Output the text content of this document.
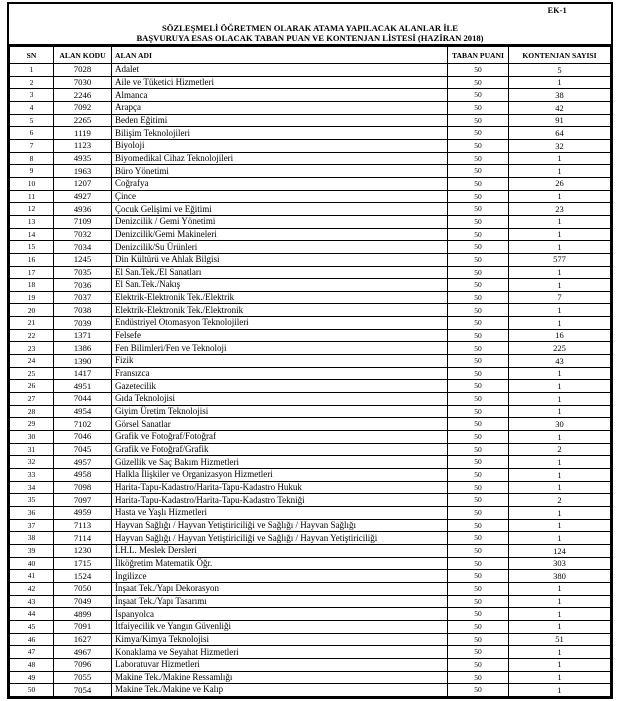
EK-1
SÖZLEŞMELİ ÖĞRETMEN OLARAK ATAMA YAPILACAK ALANLAR İLE
BAŞVURUYA ESAS OLACAK TABAN PUAN VE KONTENJAN LİSTESİ (HAZİRAN 2018)
SN	ALAN KODU	ALAN ADI	TABAN PUANI	KONTENJAN SAYISI
1	7028	Adalet	50	5
2	7030	Aile ve Tüketici Hizmetleri	50	1
3	2246	Almanca	50	38
4	7092	Arapça	50	42
5	2265	Beden Eğitimi	50	91
6	1119	Bilişim Teknolojileri	50	64
7	1123	Biyoloji	50	32
8	4935	Biyomedikal Cihaz Teknolojileri	50	1
9	1963	Büro Yönetimi	50	1
10	1207	Coğrafya	50	26
11	4927	Çince	50	1
12	4936	Çocuk Gelişimi ve Eğitimi	50	23
13	7109	Denizcilik / Gemi Yönetimi	50	1
14	7032	Denizcilik/Gemi Makineleri	50	1
15	7034	Denizcilik/Su Ürünleri	50	1
16	1245	Din Kültürü ve Ahlak Bilgisi	50	577
17	7035	El San.Tek./El Sanatları	50	1
18	7036	El San.Tek./Nakış	50	1
19	7037	Elektrik-Elektronik Tek./Elektrik	50	7
20	7038	Elektrik-Elektronik Tek./Elektronik	50	1
21	7039	Endüstriyel Otomasyon Teknolojileri	50	1
22	1371	Felsefe	50	16
23	1386	Fen Bilimleri/Fen ve Teknoloji	50	225
24	1390	Fizik	50	43
25	1417	Fransızca	50	1
26	4951	Gazetecilik	50	1
27	7044	Gıda Teknolojisi	50	1
28	4954	Giyim Üretim Teknolojisi	50	1
29	7102	Görsel Sanatlar	50	30
30	7046	Grafik ve Fotoğraf/Fotoğraf	50	1
31	7045	Grafik ve Fotoğraf/Grafik	50	2
32	4957	Güzellik ve Saç Bakım Hizmetleri	50	1
33	4958	Halkla İlişkiler ve Organizasyon Hizmetleri	50	1
34	7098	Harita-Tapu-Kadastro/Harita-Tapu-Kadastro Hukuk	50	1
35	7097	Harita-Tapu-Kadastro/Harita-Tapu-Kadastro Tekniği	50	2
36	4959	Hasta ve Yaşlı Hizmetleri	50	1
37	7113	Hayvan Sağlığı / Hayvan Yetiştiriciliği ve Sağlığı / Hayvan Sağlığı	50	1
38	7114	Hayvan Sağlığı / Hayvan Yetiştiriciliği ve Sağlığı / Hayvan Yetiştiriciliği	50	1
39	1230	İ.H.L. Meslek Dersleri	50	124
40	1715	İlköğretim Matematik Öğr.	50	303
41	1524	İngilizce	50	380
42	7050	İnşaat Tek./Yapı Dekorasyon	50	1
43	7049	İnşaat Tek./Yapı Tasarımı	50	1
44	4899	İspanyolca	50	1
45	7091	İtfaiyecilik ve Yangın Güvenliği	50	1
46	1627	Kimya/Kimya Teknolojisi	50	51
47	4967	Konaklama ve Seyahat Hizmetleri	50	1
48	7096	Laboratuvar Hizmetleri	50	1
49	7055	Makine Tek./Makine Ressamlığı	50	1
50	7054	Makine Tek./Makine ve Kalıp	50	1
